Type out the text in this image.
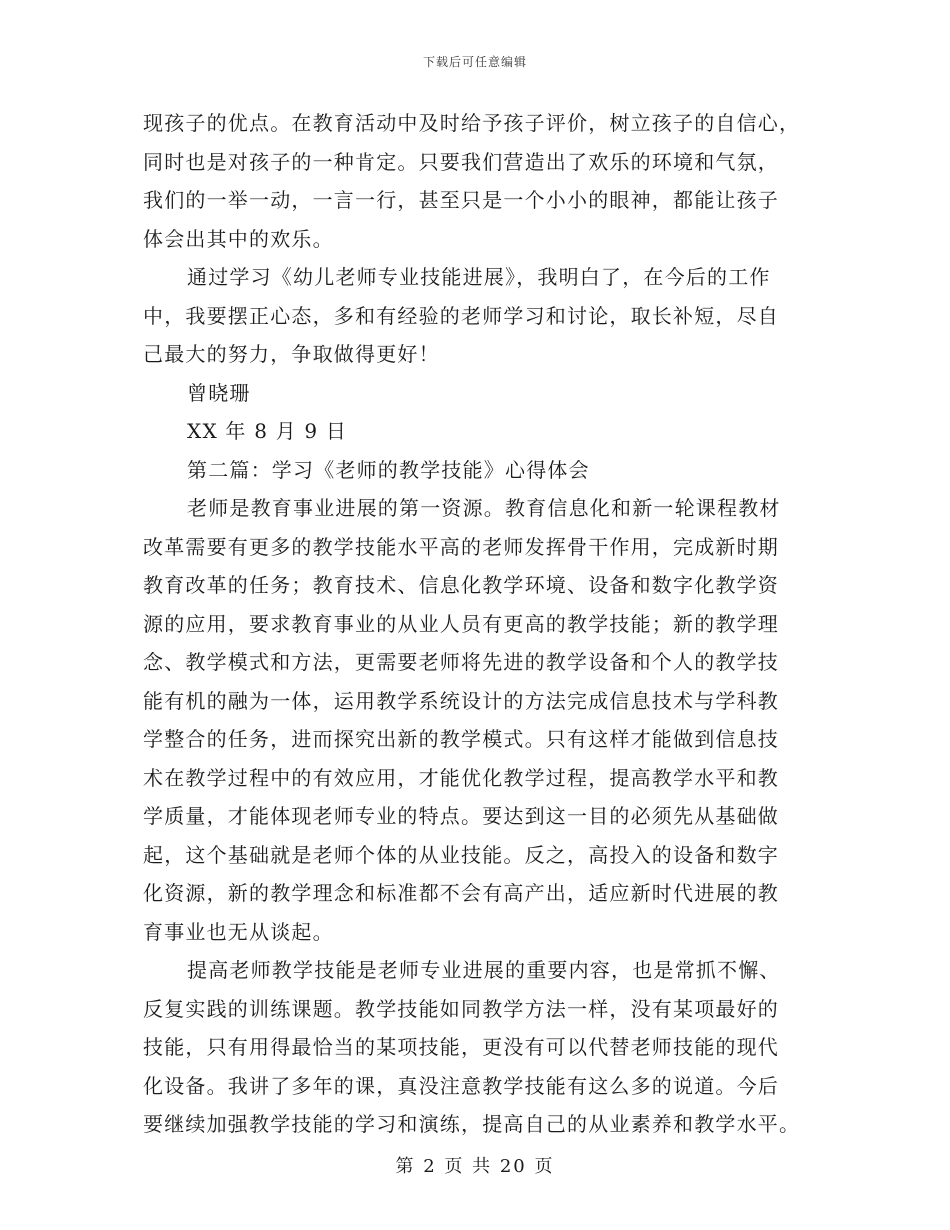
下载后可任意编辑
现孩子的优点。在教育活动中及时给予孩子评价，树立孩子的自信心，
同时也是对孩子的一种肯定。只要我们营造出了欢乐的环境和气氛，
我们的一举一动，一言一行，甚至只是一个小小的眼神，都能让孩子
体会出其中的欢乐。
通过学习《幼儿老师专业技能进展》，我明白了，在今后的工作
中，我要摆正心态，多和有经验的老师学习和讨论，取长补短，尽自
己最大的努力，争取做得更好！
曾晓珊
XX 年 8 月 9 日
第二篇：学习《老师的教学技能》心得体会
老师是教育事业进展的第一资源。教育信息化和新一轮课程教材
改革需要有更多的教学技能水平高的老师发挥骨干作用，完成新时期
教育改革的任务；教育技术、信息化教学环境、设备和数字化教学资
源的应用，要求教育事业的从业人员有更高的教学技能；新的教学理
念、教学模式和方法，更需要老师将先进的教学设备和个人的教学技
能有机的融为一体，运用教学系统设计的方法完成信息技术与学科教
学整合的任务，进而探究出新的教学模式。只有这样才能做到信息技
术在教学过程中的有效应用，才能优化教学过程，提高教学水平和教
学质量，才能体现老师专业的特点。要达到这一目的必须先从基础做
起，这个基础就是老师个体的从业技能。反之，高投入的设备和数字
化资源，新的教学理念和标准都不会有高产出，适应新时代进展的教
育事业也无从谈起。
提高老师教学技能是老师专业进展的重要内容，也是常抓不懈、
反复实践的训练课题。教学技能如同教学方法一样，没有某项最好的
技能，只有用得最恰当的某项技能，更没有可以代替老师技能的现代
化设备。我讲了多年的课，真没注意教学技能有这么多的说道。今后
要继续加强教学技能的学习和演练，提高自己的从业素养和教学水平。
第 2 页 共 20 页
